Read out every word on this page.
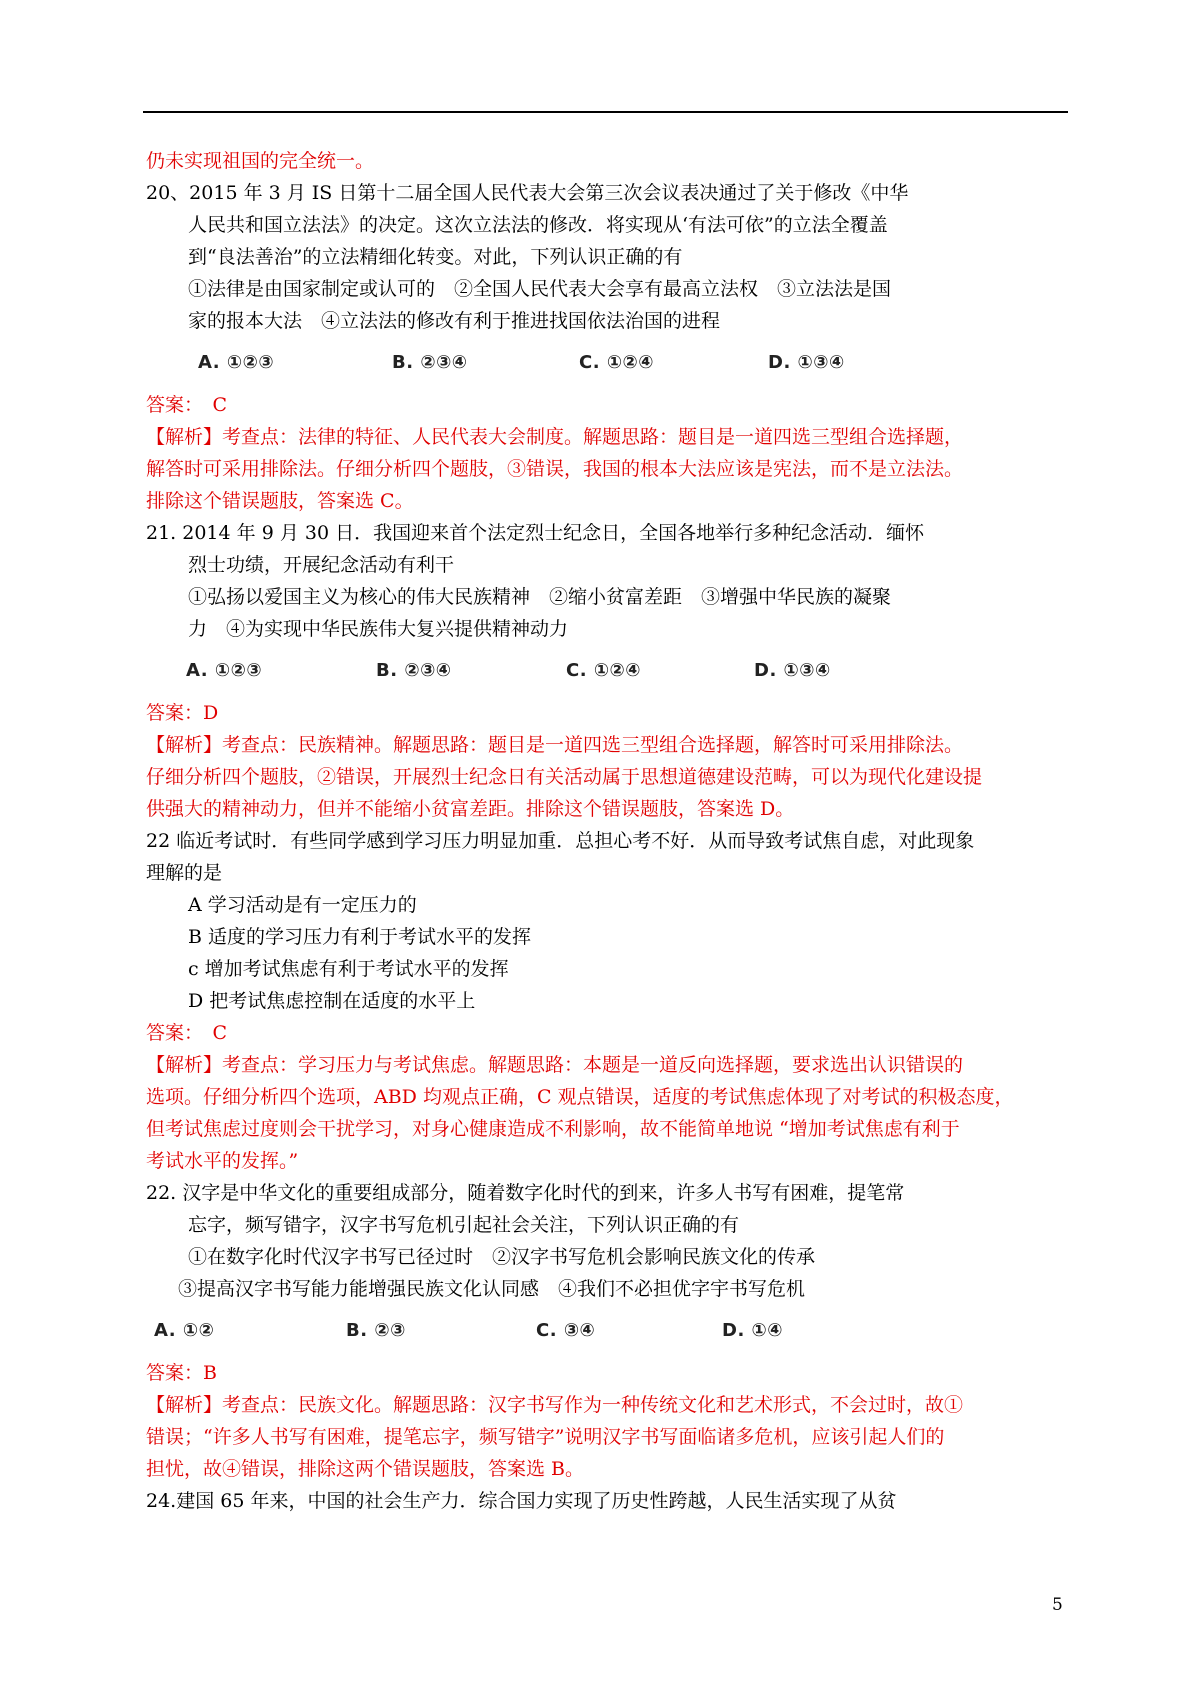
仍未实现祖国的完全统一。
20、2015 年 3 月 IS 日第十二届全国人民代表大会第三次会议表决通过了关于修改《中华
人民共和国立法法》的决定。这次立法法的修改．将实现从‘有法可依”的立法全覆盖
到“良法善治”的立法精细化转变。对此，下列认识正确的有
①法律是由国家制定或认可的　②全国人民代表大会享有最高立法权　③立法法是国
家的报本大法　④立法法的修改有利于推进找国依法治国的进程
A. ①②③	B. ②③④	C. ①②④	D. ①③④
答案：　C
【解析】考查点：法律的特征、人民代表大会制度。解题思路：题目是一道四选三型组合选择题，
解答时可采用排除法。仔细分析四个题肢，③错误，我国的根本大法应该是宪法，而不是立法法。
排除这个错误题肢，答案选 C。
21. 2014 年 9 月 30 日．我国迎来首个法定烈士纪念日，全国各地举行多种纪念活动．缅怀
烈士功绩，开展纪念活动有利干
①弘扬以爱国主义为核心的伟大民族精神　②缩小贫富差距　③增强中华民族的凝聚
力　④为实现中华民族伟大复兴提供精神动力
A. ①②③	B. ②③④	C. ①②④	D. ①③④
答案：D
【解析】考查点：民族精神。解题思路：题目是一道四选三型组合选择题，解答时可采用排除法。
仔细分析四个题肢，②错误，开展烈士纪念日有关活动属于思想道德建设范畴，可以为现代化建设提
供强大的精神动力，但并不能缩小贫富差距。排除这个错误题肢，答案选 D。
22 临近考试时．有些同学感到学习压力明显加重．总担心考不好．从而导致考试焦自虑，对此现象
理解的是
A 学习活动是有一定压力的
B 适度的学习压力有利于考试水平的发挥
c 增加考试焦虑有利于考试水平的发挥
D 把考试焦虑控制在适度的水平上
答案：　C
【解析】考查点：学习压力与考试焦虑。解题思路：本题是一道反向选择题，要求选出认识错误的
选项。仔细分析四个选项，ABD 均观点正确，C 观点错误，适度的考试焦虑体现了对考试的积极态度，
但考试焦虑过度则会干扰学习，对身心健康造成不利影响，故不能简单地说 “增加考试焦虑有利于
考试水平的发挥。”
22. 汉字是中华文化的重要组成部分，随着数字化时代的到来，许多人书写有困难，提笔常
忘字，频写错字，汉字书写危机引起社会关注，下列认识正确的有
①在数字化时代汉字书写已径过时　②汉字书写危机会影响民族文化的传承
③提高汉字书写能力能增强民族文化认同感　④我们不必担优字宇书写危机
A. ①②	B. ②③	C. ③④	D. ①④
答案：B
【解析】考查点：民族文化。解题思路：汉字书写作为一种传统文化和艺术形式，不会过时，故①
错误；“许多人书写有困难，提笔忘字，频写错字”说明汉字书写面临诸多危机，应该引起人们的
担忧，故④错误，排除这两个错误题肢，答案选 B。
24.建国 65 年来，中国的社会生产力．综合国力实现了历史性跨越，人民生活实现了从贫
5
